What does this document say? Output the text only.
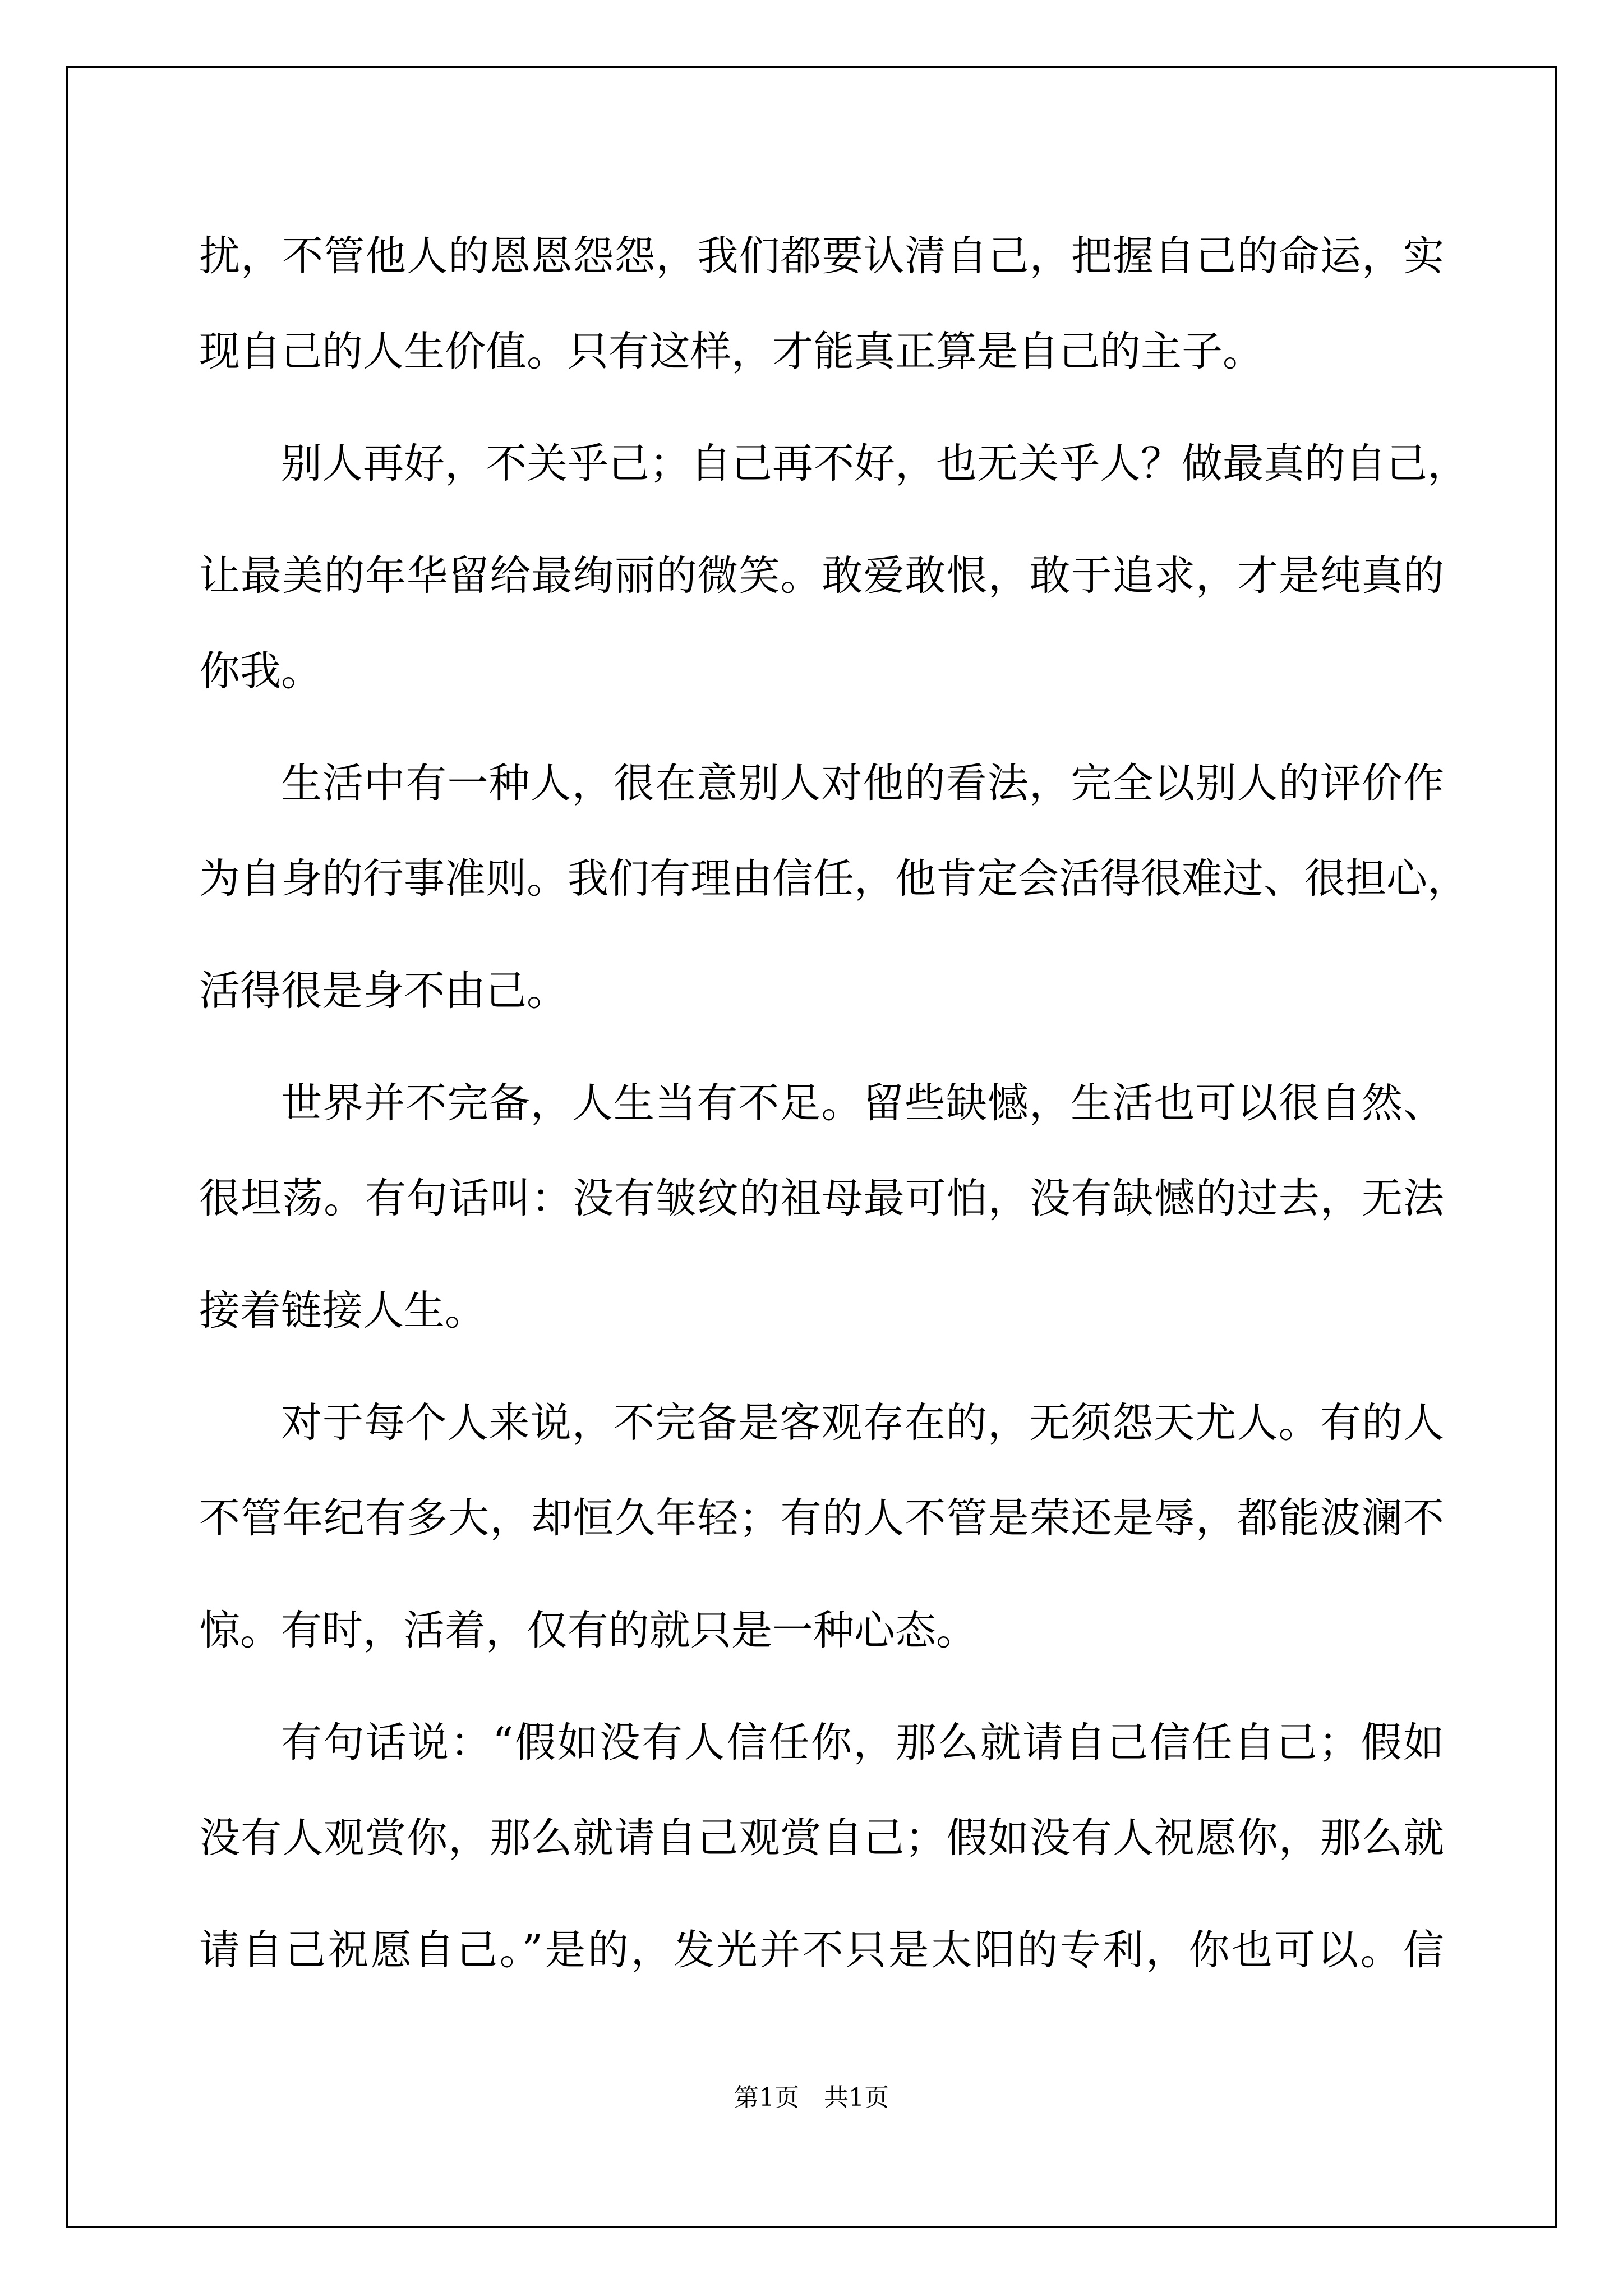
扰，不管他人的恩恩怨怨，我们都要认清自己，把握自己的命运，实

现自己的人生价值。只有这样，才能真正算是自己的主子。

别人再好，不关乎己；自己再不好，也无关乎人？做最真的自己，

让最美的年华留给最绚丽的微笑。敢爱敢恨，敢于追求，才是纯真的

你我。

生活中有一种人，很在意别人对他的看法，完全以别人的评价作

为自身的行事准则。我们有理由信任，他肯定会活得很难过、很担心，

活得很是身不由己。

世界并不完备，人生当有不足。留些缺憾，生活也可以很自然、

很坦荡。有句话叫：没有皱纹的祖母最可怕，没有缺憾的过去，无法

接着链接人生。

对于每个人来说，不完备是客观存在的，无须怨天尤人。有的人

不管年纪有多大，却恒久年轻；有的人不管是荣还是辱，都能波澜不

惊。有时，活着，仅有的就只是一种心态。

有句话说：“假如没有人信任你，那么就请自己信任自己；假如

没有人观赏你，那么就请自己观赏自己；假如没有人祝愿你，那么就

请自己祝愿自己。”是的，发光并不只是太阳的专利，你也可以。信

第1页 共1页
